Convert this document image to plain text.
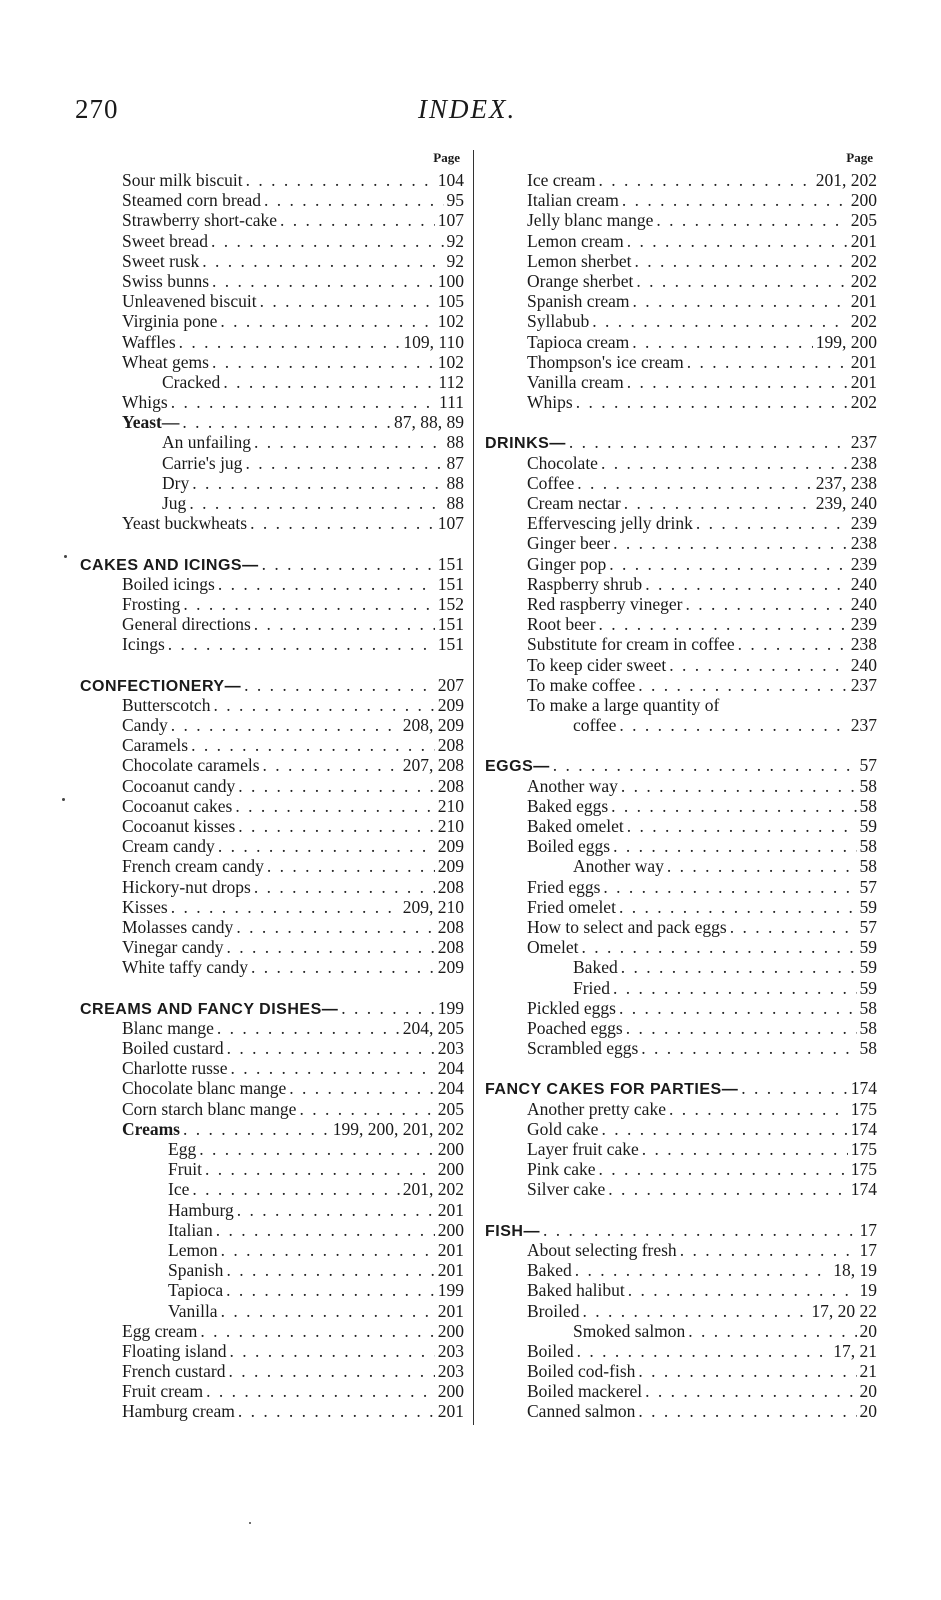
270	INDEX.
Page
Sour milk biscuit . . .	104
Steamed corn bread . . .	95
Strawberry short-cake . . .	107
Sweet bread . . .	92
Sweet rusk . . .	92
Swiss bunns . . .	100
Unleavened biscuit . . .	105
Virginia pone . . .	102
Waffles . . .	109, 110
Wheat gems . . .	102
Cracked . . .	112
Whigs . . .	111
Yeast— . . .	87, 88, 89
An unfailing . . .	88
Carrie's jug . . .	87
Dry . . .	88
Jug . . .	88
Yeast buckwheats . . .	107
CAKES AND ICINGS— . . .	151
Boiled icings . . .	151
Frosting . . .	152
General directions . . .	151
Icings . . .	151
CONFECTIONERY— . . .	207
Butterscotch . . .	209
Candy . . .	208, 209
Caramels . . .	208
Chocolate caramels . . .	207, 208
Cocoanut candy . . .	208
Cocoanut cakes . . .	210
Cocoanut kisses . . .	210
Cream candy . . .	209
French cream candy . . .	209
Hickory-nut drops . . .	208
Kisses . . .	209, 210
Molasses candy . . .	208
Vinegar candy . . .	208
White taffy candy . . .	209
CREAMS AND FANCY DISHES— . . .	199
Blanc mange . . .	204, 205
Boiled custard . . .	203
Charlotte russe . . .	204
Chocolate blanc mange . . .	204
Corn starch blanc mange . . .	205
Creams . . .	199, 200, 201, 202
Egg . . .	200
Fruit . . .	200
Ice . . .	201, 202
Hamburg . . .	201
Italian . . .	200
Lemon . . .	201
Spanish . . .	201
Tapioca . . .	199
Vanilla . . .	201
Egg cream . . .	200
Floating island . . .	203
French custard . . .	203
Fruit cream . . .	200
Hamburg cream . . .	201
Page
Ice cream . . .	201, 202
Italian cream . . .	200
Jelly blanc mange . . .	205
Lemon cream . . .	201
Lemon sherbet . . .	202
Orange sherbet . . .	202
Spanish cream . . .	201
Syllabub . . .	202
Tapioca cream . . .	199, 200
Thompson's ice cream . . .	201
Vanilla cream . . .	201
Whips . . .	202
DRINKS— . . .	237
Chocolate . . .	238
Coffee . . .	237, 238
Cream nectar . . .	239, 240
Effervescing jelly drink . . .	239
Ginger beer . . .	238
Ginger pop . . .	239
Raspberry shrub . . .	240
Red raspberry vineger . . .	240
Root beer . . .	239
Substitute for cream in coffee . . .	238
To keep cider sweet . . .	240
To make coffee . . .	237
To make a large quantity of
coffee . . .	237
EGGS— . . .	57
Another way . . .	58
Baked eggs . . .	58
Baked omelet . . .	59
Boiled eggs . . .	58
Another way . . .	58
Fried eggs . . .	57
Fried omelet . . .	59
How to select and pack eggs . . .	57
Omelet . . .	59
Baked . . .	59
Fried . . .	59
Pickled eggs . . .	58
Poached eggs . . .	58
Scrambled eggs . . .	58
FANCY CAKES FOR PARTIES— . . .	174
Another pretty cake . . .	175
Gold cake . . .	174
Layer fruit cake . . .	175
Pink cake . . .	175
Silver cake . . .	174
FISH— . . .	17
About selecting fresh . . .	17
Baked . . .	18, 19
Baked halibut . . .	19
Broiled . . .	17, 20 22
Smoked salmon . . .	20
Boiled . . .	17, 21
Boiled cod-fish . . .	21
Boiled mackerel . . .	20
Canned salmon . . .	20
